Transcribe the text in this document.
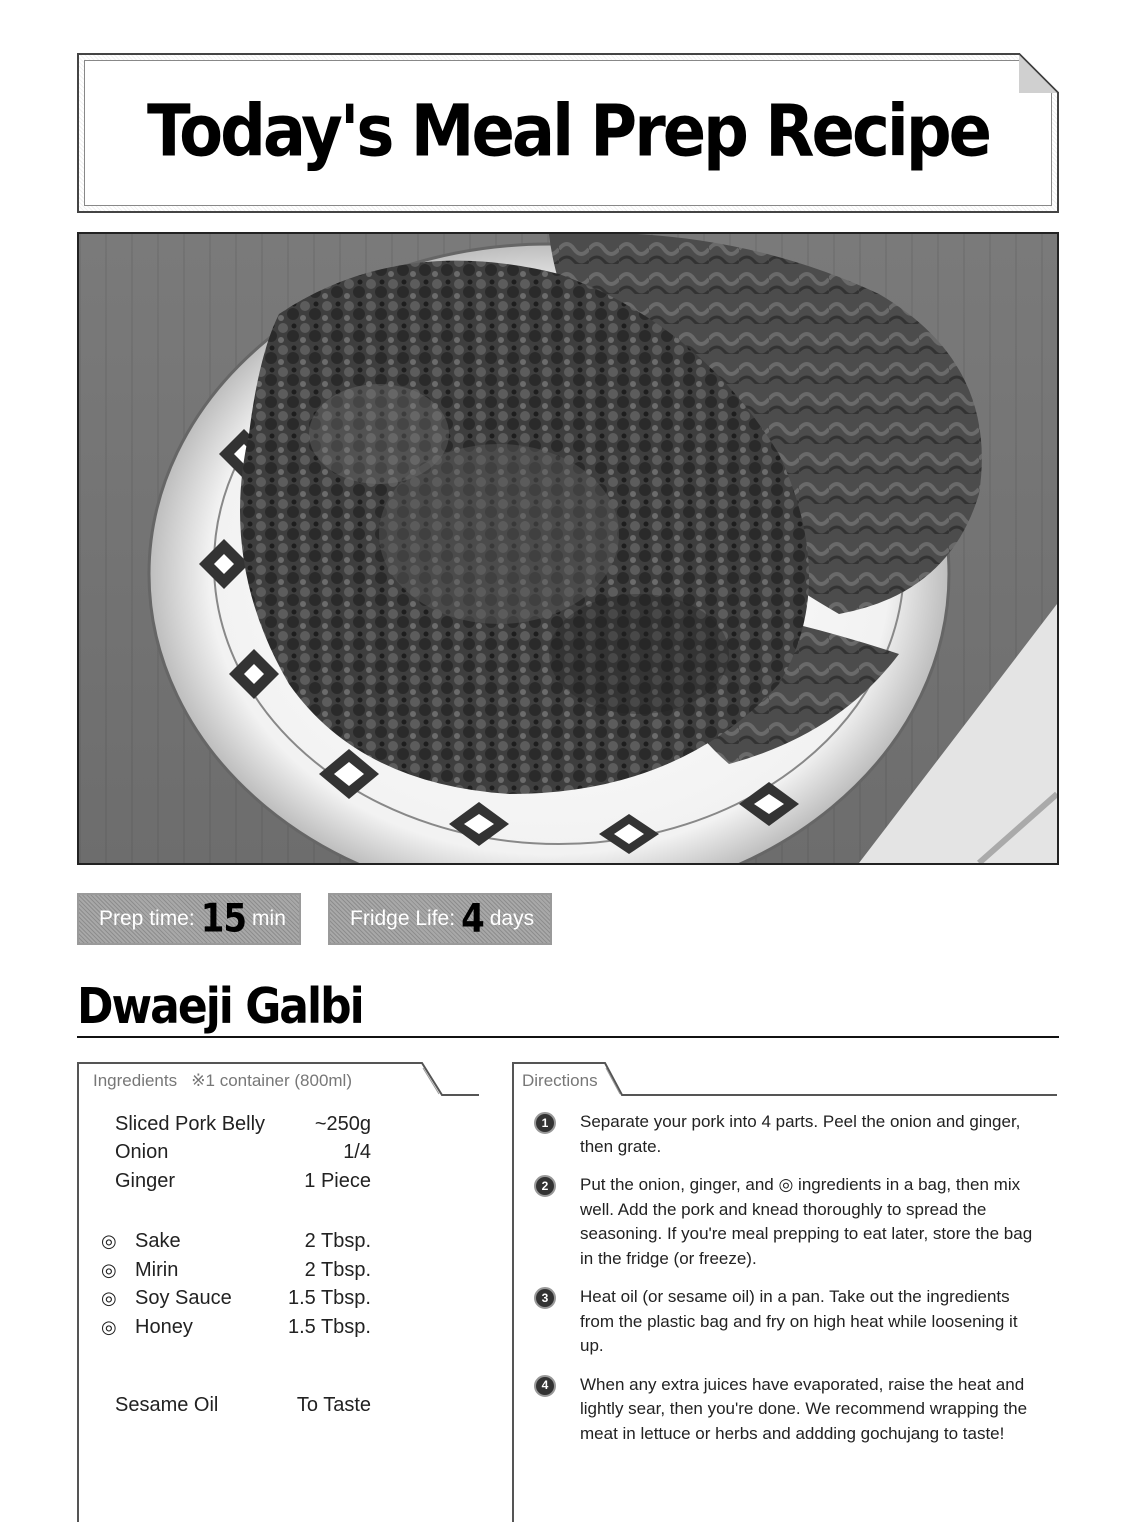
Today's Meal Prep Recipe
Prep time: 15 min	Fridge Life: 4 days
Dwaeji Galbi
Ingredients ※1 container (800ml)
Sliced Pork Belly ~250g
Onion	1/4
Ginger	1 Piece
◎ Sake	2 Tbsp.
◎ Mirin	2 Tbsp.
◎ Soy Sauce	1.5 Tbsp.
◎ Honey	1.5 Tbsp.
Sesame Oil	To Taste
Directions
1	Separate your pork into 4 parts. Peel the onion and ginger, then grate.
2	Put the onion, ginger, and ◎ ingredients in a bag, then mix well. Add the pork and knead thoroughly to spread the seasoning. If you're meal prepping to eat later, store the bag in the fridge (or freeze).
3	Heat oil (or sesame oil) in a pan. Take out the ingredients from the plastic bag and fry on high heat while loosening it up.
4	When any extra juices have evaporated, raise the heat and lightly sear, then you're done. We recommend wrapping the meat in lettuce or herbs and addding gochujang to taste!
